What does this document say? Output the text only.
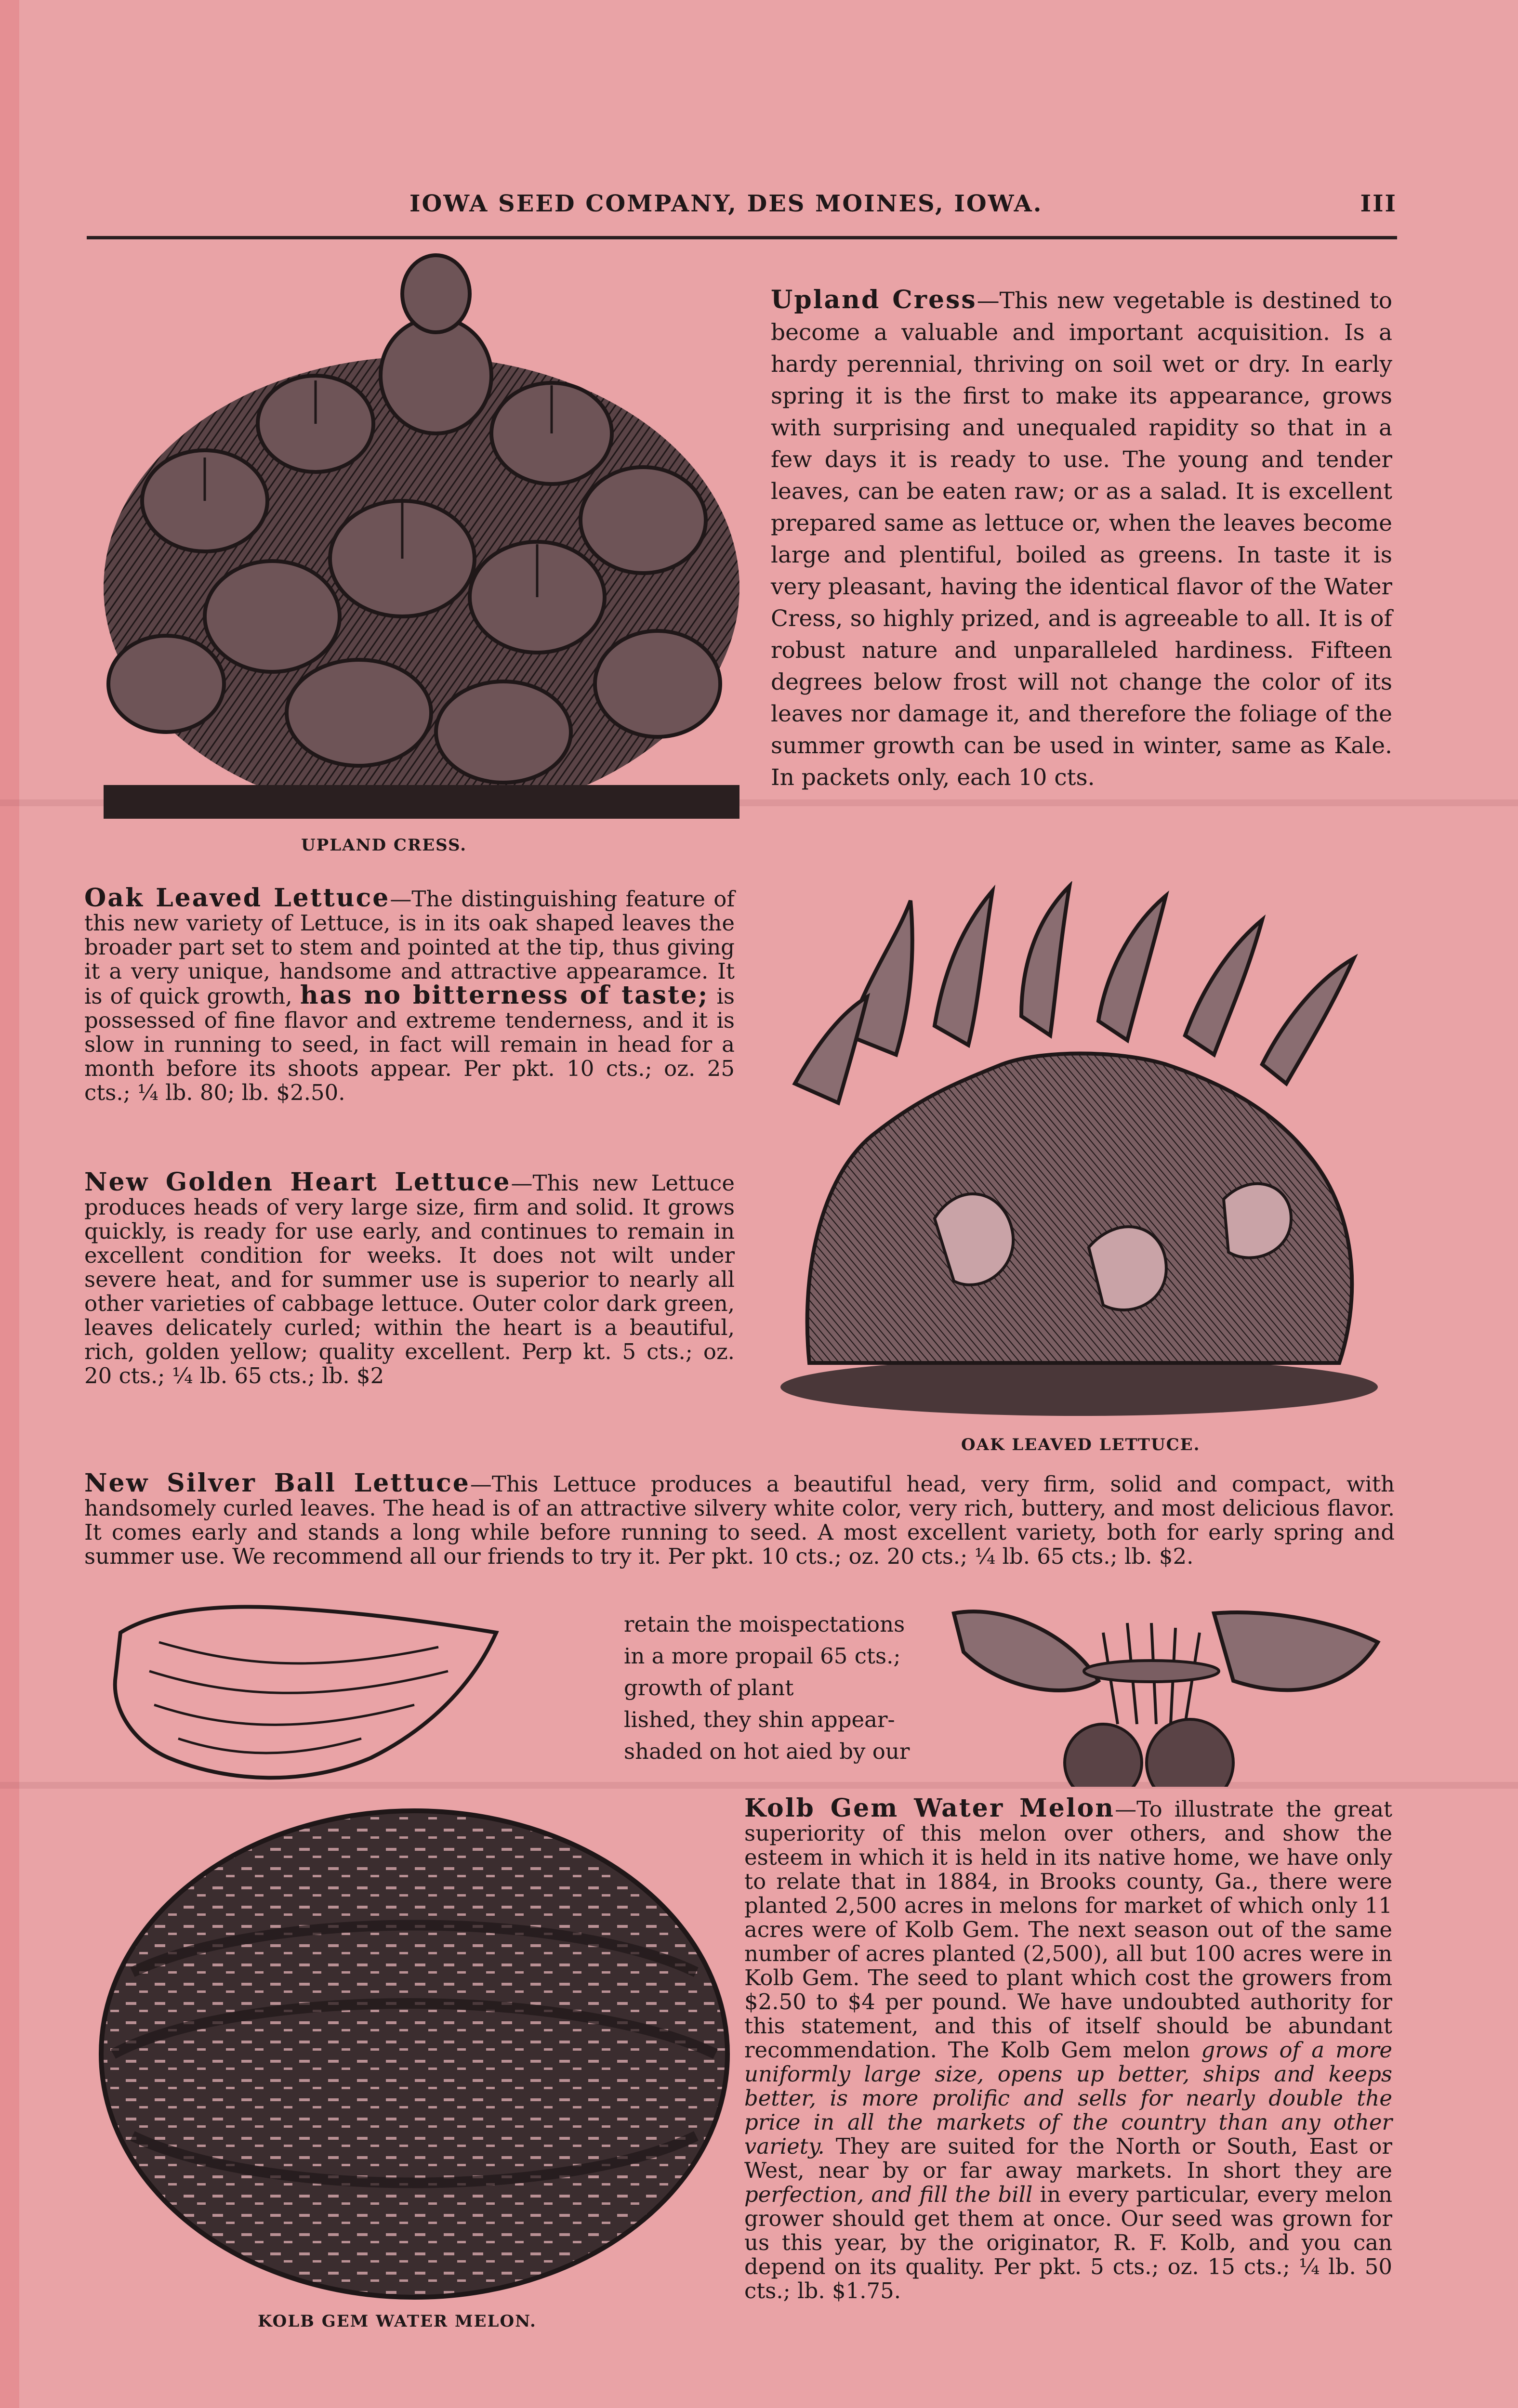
IOWA SEED COMPANY, DES MOINES, IOWA.	III
UPLAND CRESS.

Upland Cress—This new vegetable is destined to become a valuable and important acquisition. Is a hardy perennial, thriving on soil wet or dry. In early spring it is the first to make its appearance, grows with surprising and unequaled rapidity so that in a few days it is ready to use. The young and tender leaves, can be eaten raw; or as a salad. It is excellent prepared same as lettuce or, when the leaves become large and plentiful, boiled as greens. In taste it is very pleasant, having the identical flavor of the Water Cress, so highly prized, and is agreeable to all. It is of robust nature and unparalleled hardiness. Fifteen degrees below frost will not change the color of its leaves nor damage it, and therefore the foliage of the summer growth can be used in winter, same as Kale. In packets only, each 10 cts.

Oak Leaved Lettuce—The distinguishing feature of this new variety of Lettuce, is in its oak shaped leaves the broader part set to stem and pointed at the tip, thus giving it a very unique, handsome and attractive appearamce. It is of quick growth, has no bitterness of taste; is possessed of fine flavor and extreme tenderness, and it is slow in running to seed, in fact will remain in head for a month before its shoots appear. Per pkt. 10 cts.; oz. 25 cts.; ¼ lb. 80; lb. $2.50.

OAK LEAVED LETTUCE.

New Golden Heart Lettuce—This new Lettuce produces heads of very large size, firm and solid. It grows quickly, is ready for use early, and continues to remain in excellent condition for weeks. It does not wilt under severe heat, and for summer use is superior to nearly all other varieties of cabbage lettuce. Outer color dark green, leaves delicately curled; within the heart is a beautiful, rich, golden yellow; quality excellent. Perp kt. 5 cts.; oz. 20 cts.; ¼ lb. 65 cts.; lb. $2

New Silver Ball Lettuce—This Lettuce produces a beautiful head, very firm, solid and compact, with handsomely curled leaves. The head is of an attractive silvery white color, very rich, buttery, and most delicious flavor. It comes early and stands a long while before running to seed. A most excellent variety, both for early spring and summer use. We recommend all our friends to try it. Per pkt. 10 cts.; oz. 20 cts.; ¼ lb. 65 cts.; lb. $2.

retain the moispectations
in a more propail 65 cts.;
growth of plant
lished, they shin appear-
shaded on hot aied by our
KOLB GEM WATER MELON.

Kolb Gem Water Melon—To illustrate the great superiority of this melon over others, and show the esteem in which it is held in its native home, we have only to relate that in 1884, in Brooks county, Ga., there were planted 2,500 acres in melons for market of which only 11 acres were of Kolb Gem. The next season out of the same number of acres planted (2,500), all but 100 acres were in Kolb Gem. The seed to plant which cost the growers from $2.50 to $4 per pound. We have undoubted authority for this statement, and this of itself should be abundant recommendation. The Kolb Gem melon grows of a more uniformly large size, opens up better, ships and keeps better, is more prolific and sells for nearly double the price in all the markets of the country than any other variety. They are suited for the North or South, East or West, near by or far away markets. In short they are perfection, and fill the bill in every particular, every melon grower should get them at once. Our seed was grown for us this year, by the originator, R. F. Kolb, and you can depend on its quality. Per pkt. 5 cts.; oz. 15 cts.; ¼ lb. 50 cts.; lb. $1.75.
